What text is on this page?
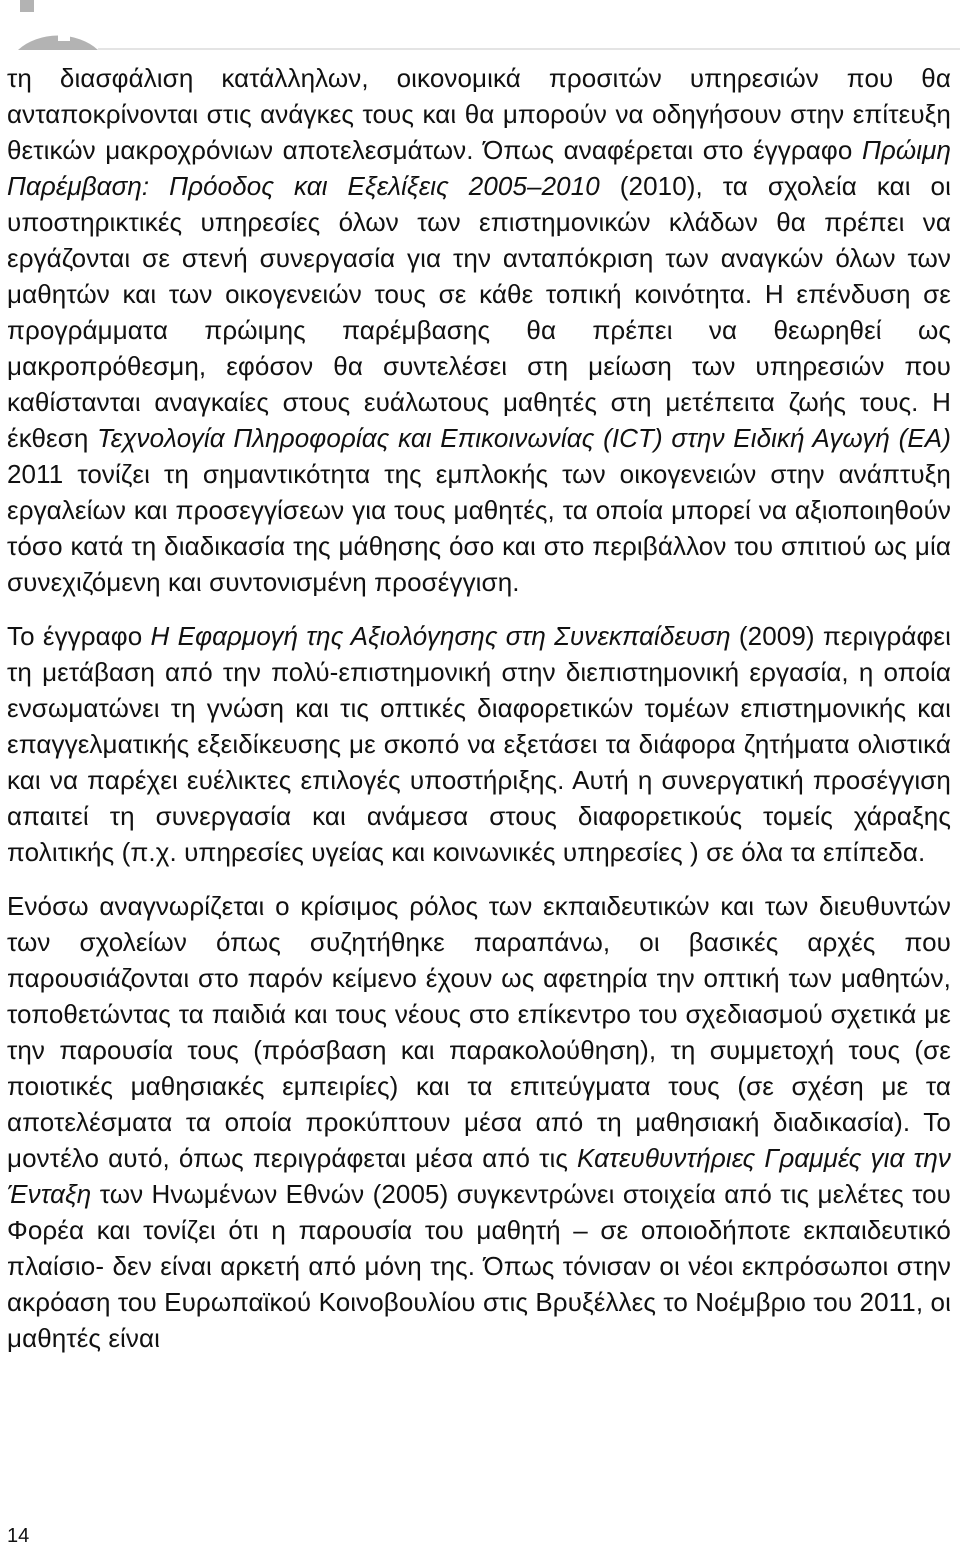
τη διασφάλιση κατάλληλων, οικονομικά προσιτών υπηρεσιών που θα ανταποκρίνονται στις ανάγκες τους και θα μπορούν να οδηγήσουν στην επίτευξη θετικών μακροχρόνιων αποτελεσμάτων. Όπως αναφέρεται στο έγγραφο Πρώιμη Παρέμβαση: Πρόοδος και Εξελίξεις 2005–2010 (2010), τα σχολεία και οι υποστηρικτικές υπηρεσίες όλων των επιστημονικών κλάδων θα πρέπει να εργάζονται σε στενή συνεργασία για την ανταπόκριση των αναγκών όλων των μαθητών και των οικογενειών τους σε κάθε τοπική κοινότητα. Η επένδυση σε προγράμματα πρώιμης παρέμβασης θα πρέπει να θεωρηθεί ως μακροπρόθεσμη, εφόσον θα συντελέσει στη μείωση των υπηρεσιών που καθίστανται αναγκαίες στους ευάλωτους μαθητές στη μετέπειτα ζωής τους. Η έκθεση Τεχνολογία Πληροφορίας και Επικοινωνίας (ICT) στην Ειδική Αγωγή (ΕΑ) 2011 τονίζει τη σημαντικότητα της εμπλοκής των οικογενειών στην ανάπτυξη εργαλείων και προσεγγίσεων για τους μαθητές, τα οποία μπορεί να αξιοποιηθούν τόσο κατά τη διαδικασία της μάθησης όσο και στο περιβάλλον του σπιτιού ως μία συνεχιζόμενη και συντονισμένη προσέγγιση.

Το έγγραφο Η Εφαρμογή της Αξιολόγησης στη Συνεκπαίδευση (2009) περιγράφει τη μετάβαση από την πολύ-επιστημονική στην διεπιστημονική εργασία, η οποία ενσωματώνει τη γνώση και τις οπτικές διαφορετικών τομέων επιστημονικής και επαγγελματικής εξειδίκευσης με σκοπό να εξετάσει τα διάφορα ζητήματα ολιστικά και να παρέχει ευέλικτες επιλογές υποστήριξης. Αυτή η συνεργατική προσέγγιση απαιτεί τη συνεργασία και ανάμεσα στους διαφορετικούς τομείς χάραξης πολιτικής (π.χ. υπηρεσίες υγείας και κοινωνικές υπηρεσίες ) σε όλα τα επίπεδα.

Ενόσω αναγνωρίζεται ο κρίσιμος ρόλος των εκπαιδευτικών και των διευθυντών των σχολείων όπως συζητήθηκε παραπάνω, οι βασικές αρχές που παρουσιάζονται στο παρόν κείμενο έχουν ως αφετηρία την οπτική των μαθητών, τοποθετώντας τα παιδιά και τους νέους στο επίκεντρο του σχεδιασμού σχετικά με την παρουσία τους (πρόσβαση και παρακολούθηση), τη συμμετοχή τους (σε ποιοτικές μαθησιακές εμπειρίες) και τα επιτεύγματα τους (σε σχέση με τα αποτελέσματα τα οποία προκύπτουν μέσα από τη μαθησιακή διαδικασία). Το μοντέλο αυτό, όπως περιγράφεται μέσα από τις Κατευθυντήριες Γραμμές για την Ένταξη των Ηνωμένων Εθνών (2005) συγκεντρώνει στοιχεία από τις μελέτες του Φορέα και τονίζει ότι η παρουσία του μαθητή – σε οποιοδήποτε εκπαιδευτικό πλαίσιο- δεν είναι αρκετή από μόνη της. Όπως τόνισαν οι νέοι εκπρόσωποι στην ακρόαση του Ευρωπαϊκού Κοινοβουλίου στις Βρυξέλλες το Νοέμβριο του 2011, οι μαθητές είναι

14
